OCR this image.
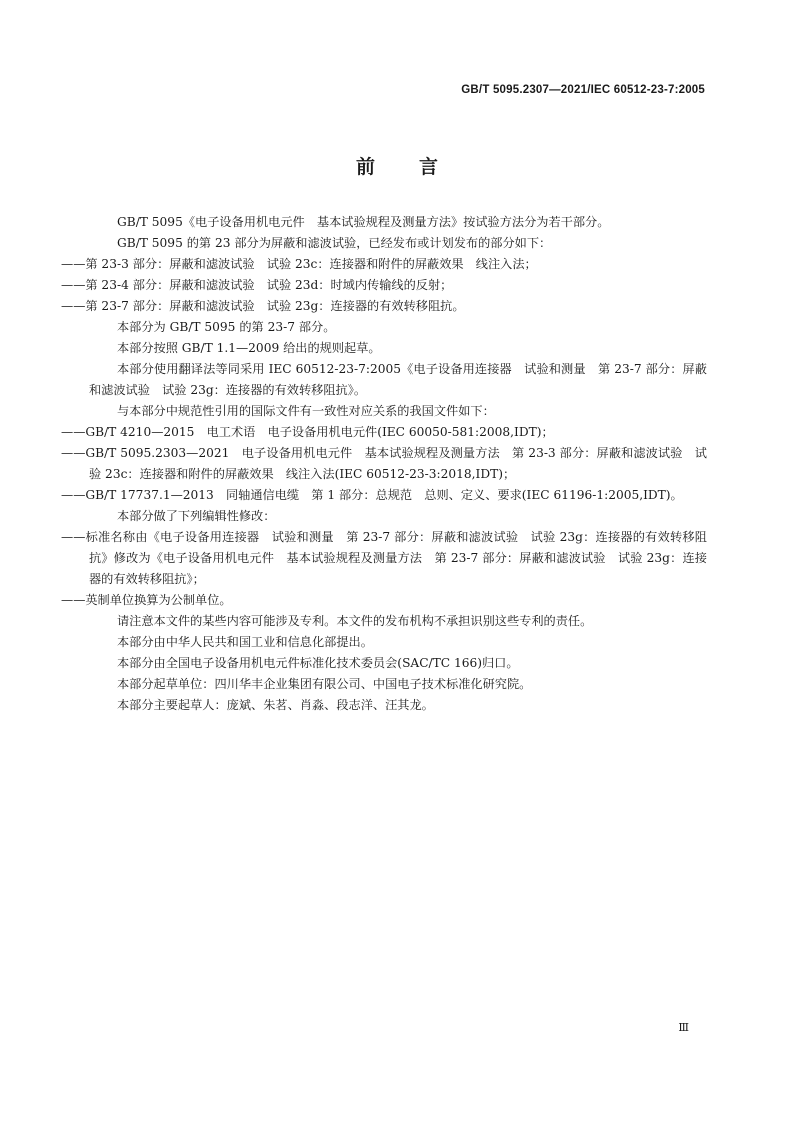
GB/T 5095.2307—2021/IEC 60512-23-7:2005
前言

GB/T 5095《电子设备用机电元件　基本试验规程及测量方法》按试验方法分为若干部分。

GB/T 5095 的第 23 部分为屏蔽和滤波试验，已经发布或计划发布的部分如下：

——第 23-3 部分：屏蔽和滤波试验　试验 23c：连接器和附件的屏蔽效果　线注入法；

——第 23-4 部分：屏蔽和滤波试验　试验 23d：时域内传输线的反射；

——第 23-7 部分：屏蔽和滤波试验　试验 23g：连接器的有效转移阻抗。

本部分为 GB/T 5095 的第 23-7 部分。

本部分按照 GB/T 1.1—2009 给出的规则起草。

本部分使用翻译法等同采用 IEC 60512-23-7:2005《电子设备用连接器　试验和测量　第 23-7 部分：屏蔽和滤波试验　试验 23g：连接器的有效转移阻抗》。

与本部分中规范性引用的国际文件有一致性对应关系的我国文件如下：

——GB/T 4210—2015　电工术语　电子设备用机电元件(IEC 60050-581:2008,IDT)；

——GB/T 5095.2303—2021　电子设备用机电元件　基本试验规程及测量方法　第 23-3 部分：屏蔽和滤波试验　试验 23c：连接器和附件的屏蔽效果　线注入法(IEC 60512-23-3:2018,IDT)；

——GB/T 17737.1—2013　同轴通信电缆　第 1 部分：总规范　总则、定义、要求(IEC 61196-1:2005,IDT)。

本部分做了下列编辑性修改：

——标准名称由《电子设备用连接器　试验和测量　第 23-7 部分：屏蔽和滤波试验　试验 23g：连接器的有效转移阻抗》修改为《电子设备用机电元件　基本试验规程及测量方法　第 23-7 部分：屏蔽和滤波试验　试验 23g：连接器的有效转移阻抗》；

——英制单位换算为公制单位。

请注意本文件的某些内容可能涉及专利。本文件的发布机构不承担识别这些专利的责任。

本部分由中华人民共和国工业和信息化部提出。

本部分由全国电子设备用机电元件标准化技术委员会(SAC/TC 166)归口。

本部分起草单位：四川华丰企业集团有限公司、中国电子技术标准化研究院。

本部分主要起草人：庞斌、朱茗、肖淼、段志洋、汪其龙。

Ⅲ
